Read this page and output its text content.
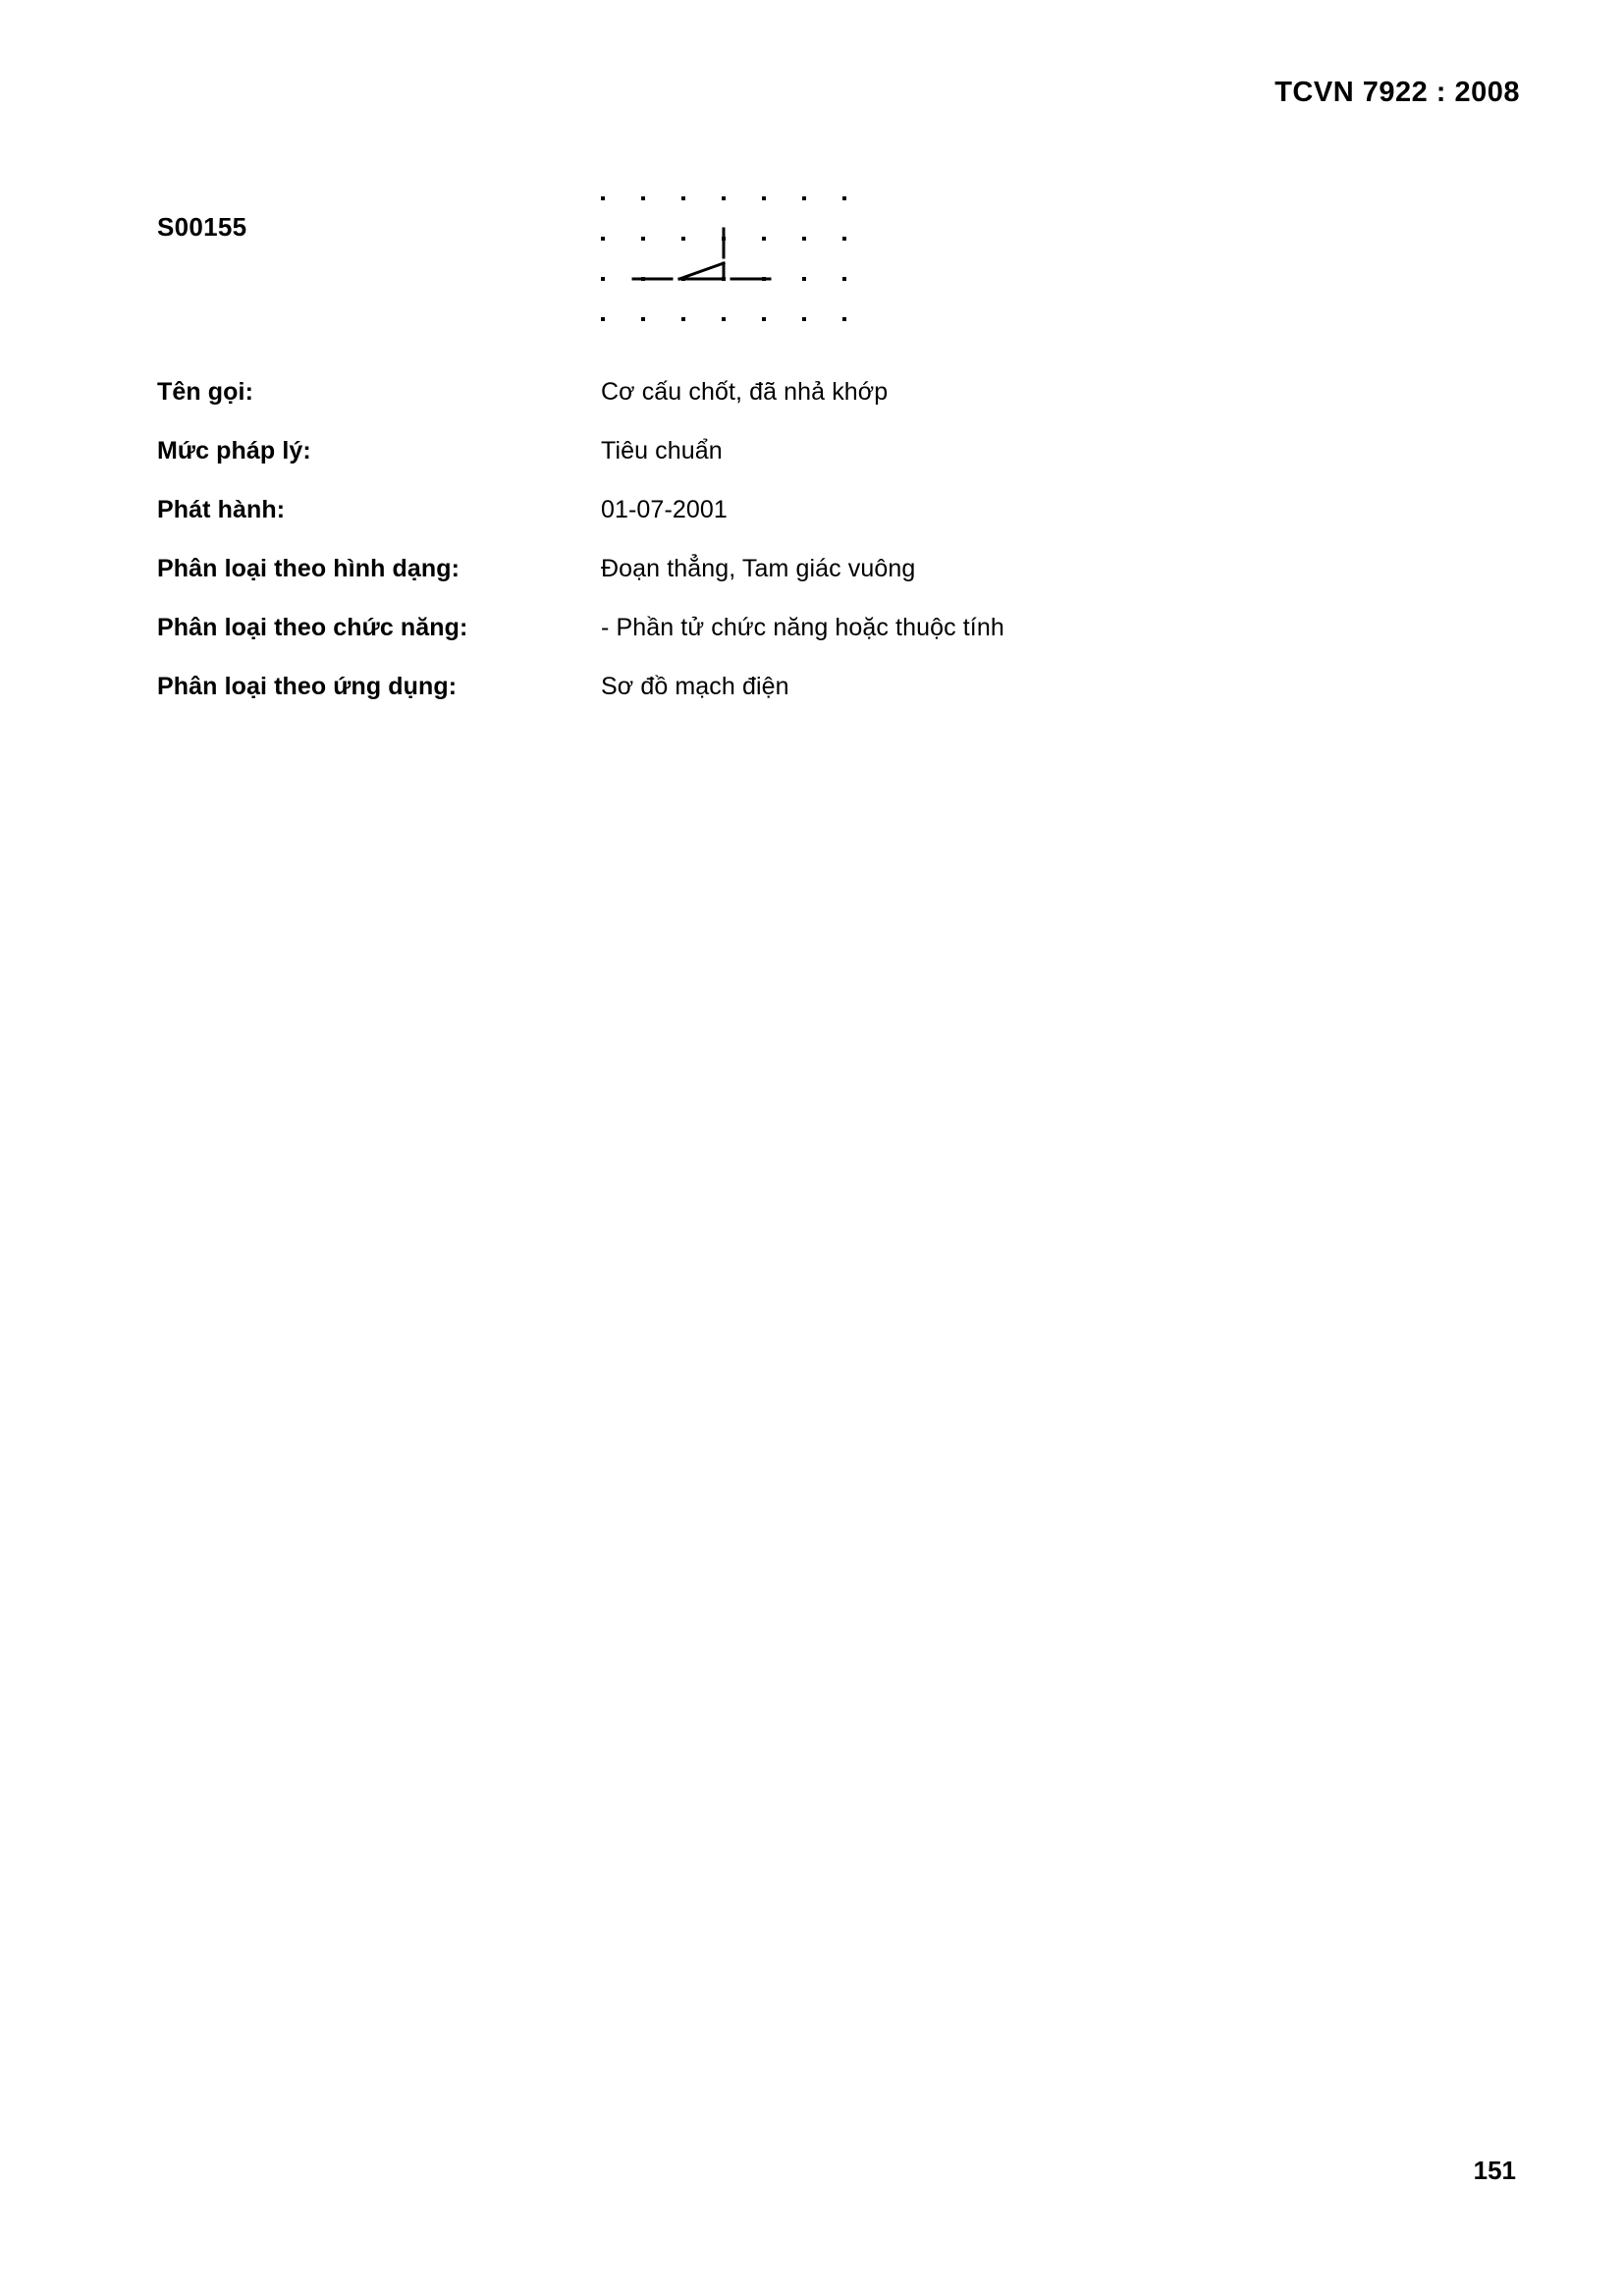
TCVN 7922 : 2008
S00155
Tên gọi:	Cơ cấu chốt, đã nhả khớp
Mức pháp lý:	Tiêu chuẩn
Phát hành:	01-07-2001
Phân loại theo hình dạng:	Đoạn thẳng, Tam giác vuông
Phân loại theo chức năng:	- Phần tử chức năng hoặc thuộc tính
Phân loại theo ứng dụng:	Sơ đồ mạch điện
151
